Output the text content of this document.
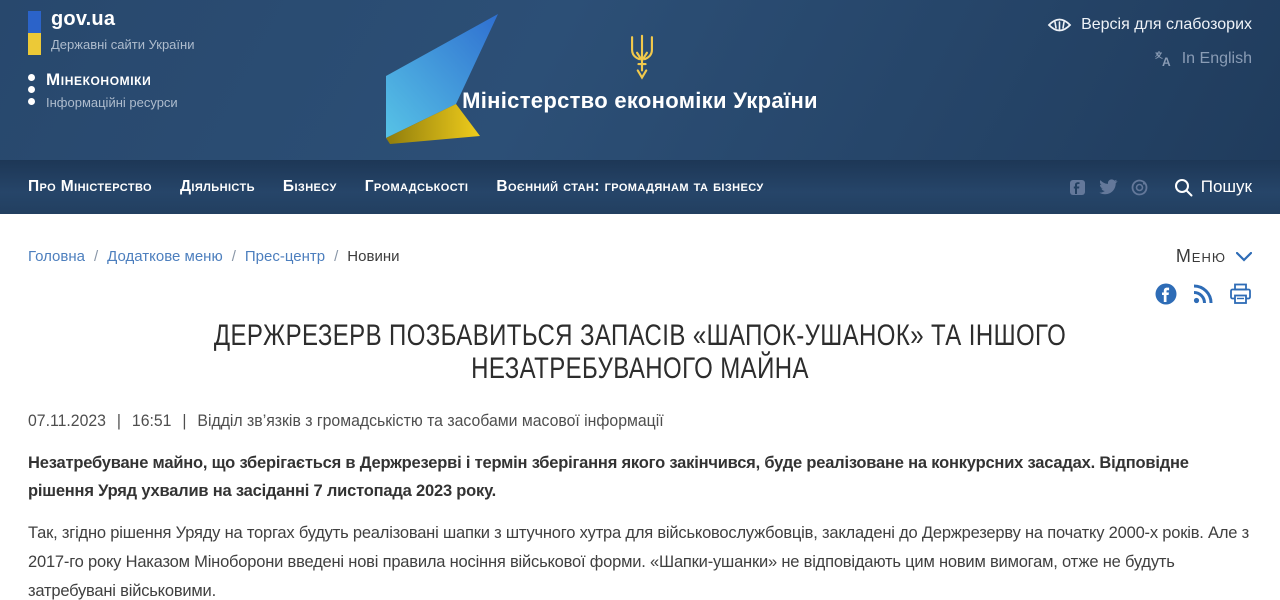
gov.ua
Державні сайти України
Мінекономіки
Інформаційні ресурси	Міністерство економіки України
Версія для слабозорих
x
A In English
Про Міністерство Діяльність Бізнесу Громадськості Воєнний стан: громадянам та бізнесу	Пошук
Головна / Додаткове меню / Прес-центр / Новини	Меню
ДЕРЖРЕЗЕРВ ПОЗБАВИТЬСЯ ЗАПАСІВ «ШАПОК-УШАНОК» ТА ІНШОГО
НЕЗАТРЕБУВАНОГО МАЙНА
07.11.2023 | 16:51 | Відділ зв’язків з громадськістю та засобами масової інформації

Незатребуване майно, що зберігається в Держрезерві і термін зберігання якого закінчився, буде реалізоване на конкурсних засадах. Відповідне рішення Уряд ухвалив на засіданні 7 листопада 2023 року.

Так, згідно рішення Уряду на торгах будуть реалізовані шапки з штучного хутра для військовослужбовців, закладені до Держрезерву на початку 2000-х років. Але з 2017-го року Наказом Міноборони введені нові правила носіння військової форми. «Шапки-ушанки» не відповідають цим новим вимогам, отже не будуть затребувані військовими.
